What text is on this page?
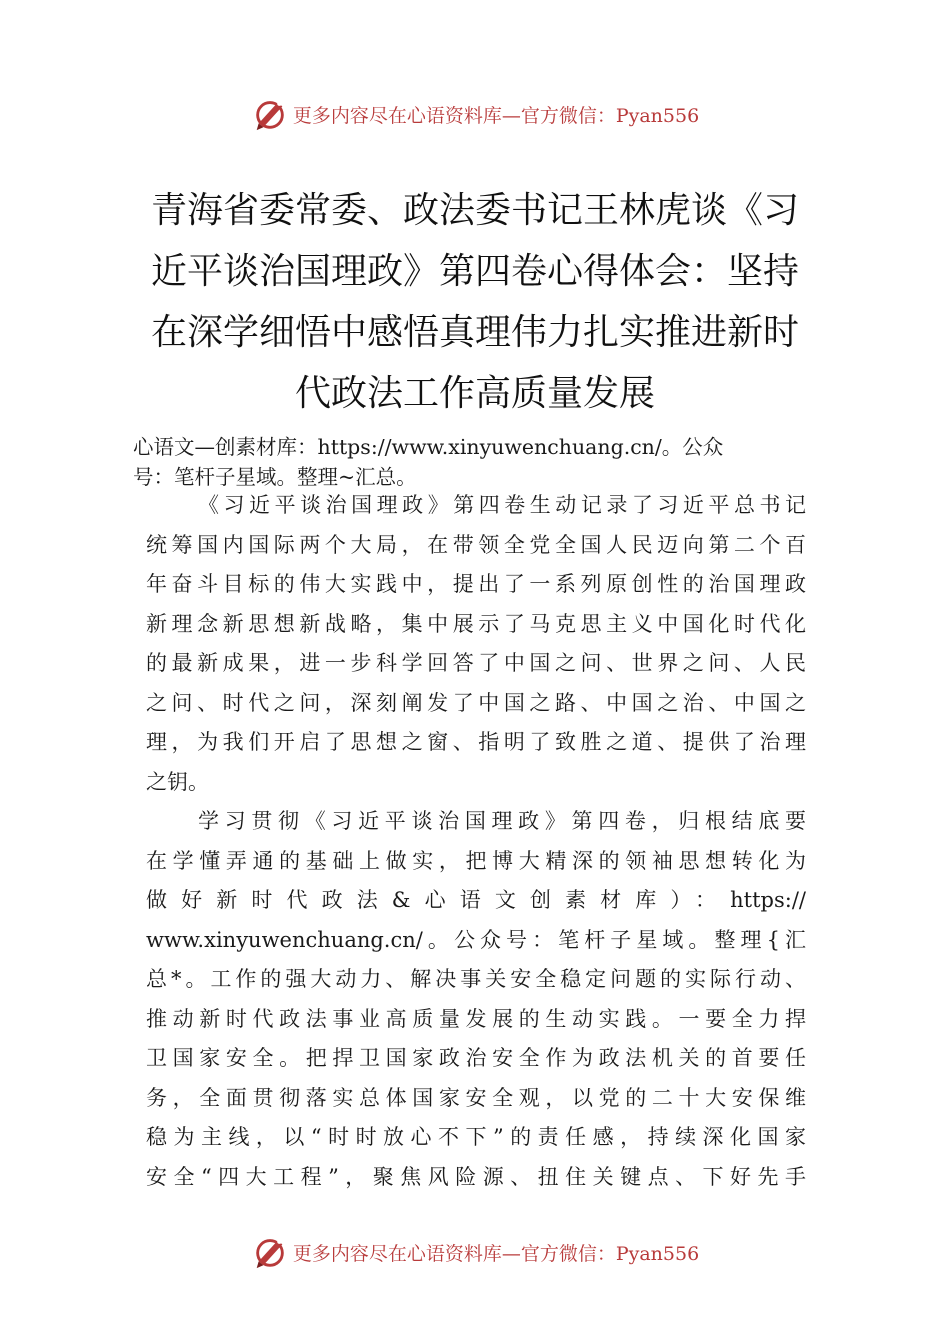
更多内容尽在心语资料库—官方微信：Pyan556
青海省委常委、政法委书记王林虎谈《习
近平谈治国理政》第四卷心得体会：坚持
在深学细悟中感悟真理伟力扎实推进新时
代政法工作高质量发展
心语文—创素材库：https://www.xinyuwenchuang.cn/。公众
号：笔杆子星域。整理~汇总。
《习近平谈治国理政》第四卷生动记录了习近平总书记
统筹国内国际两个大局，在带领全党全国人民迈向第二个百
年奋斗目标的伟大实践中，提出了一系列原创性的治国理政
新理念新思想新战略，集中展示了马克思主义中国化时代化
的最新成果，进一步科学回答了中国之问、世界之问、人民
之问、时代之问，深刻阐发了中国之路、中国之治、中国之
理，为我们开启了思想之窗、指明了致胜之道、提供了治理
之钥。
学习贯彻《习近平谈治国理政》第四卷，归根结底要
在学懂弄通的基础上做实，把博大精深的领袖思想转化为
做好新时代政法&心语文创素材库）：https://
www.xinyuwenchuang.cn/。公众号：笔杆子星域。整理{汇
总*。工作的强大动力、解决事关安全稳定问题的实际行动、
推动新时代政法事业高质量发展的生动实践。一要全力捍
卫国家安全。把捍卫国家政治安全作为政法机关的首要任
务，全面贯彻落实总体国家安全观，以党的二十大安保维
稳为主线，以“时时放心不下”的责任感，持续深化国家
安全“四大工程”，聚焦风险源、扭住关键点、下好先手
更多内容尽在心语资料库—官方微信：Pyan556
